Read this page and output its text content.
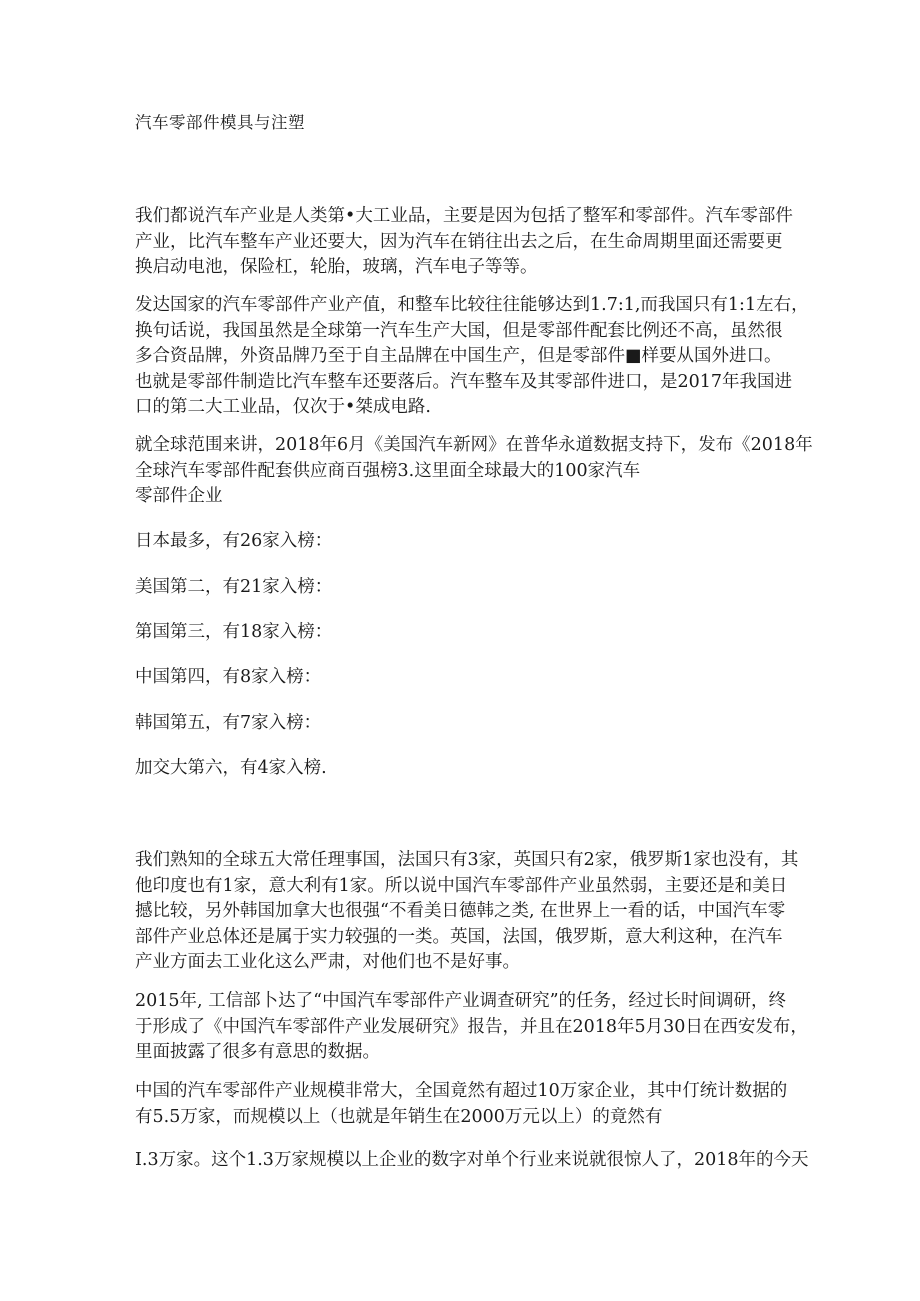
汽车零部件模具与注塑

我们都说汽车产业是人类第•大工业品，主要是因为包括了整军和零部件。汽车零部件
产业，比汽车整车产业还要大，因为汽车在销往出去之后，在生命周期里面还需要更
换启动电池，保险杠，轮胎，玻璃，汽车电子等等。

发达国家的汽车零部件产业产值，和整车比较往往能够达到1.7:1,而我国只有1:1左右，
换句话说，我国虽然是全球第一汽车生产大国，但是零部件配套比例还不高，虽然很
多合资品牌，外资品牌乃至于自主品牌在中国生产，但是零部件■样要从国外进口。
也就是零部件制造比汽车整车还要落后。汽车整车及其零部件进口，是2017年我国进
口的第二大工业品，仅次于•桀成电路.

就全球范围来讲，2018年6月《美国汽车新网》在普华永道数据支持下，发布《2018年
全球汽车零部件配套供应商百强榜3.这里面全球最大的100家汽车
零部件企业

日本最多，有26家入榜：

美国第二，有21家入榜：

第国第三，有18家入榜：

中国第四，有8家入榜：

韩国第五，有7家入榜：

加交大第六，有4家入榜.

我们熟知的全球五大常任理事国，法国只有3家，英国只有2家，俄罗斯1家也没有，其
他印度也有1家，意大利有1家。所以说中国汽车零部件产业虽然弱，主要还是和美日
撼比较，另外韩国加拿大也很强“不看美日德韩之类, 在世界上一看的话，中国汽车零
部件产业总体还是属于实力较强的一类。英国，法国，俄罗斯，意大利这种，在汽车
产业方面去工业化这么严肃，对他们也不是好事。

2015年, 工信部卜达了“中国汽车零部件产业调查研究”的任务，经过长时间调研，终
于形成了《中国汽车零部件产业发展研究》报告，并且在2018年5月30日在西安发布，
里面披露了很多有意思的数据。

中国的汽车零部件产业规模非常大，全国竟然有超过10万家企业，其中仃统计数据的
有5.5万家，而规模以上（也就是年销生在2000万元以上）的竟然有

I.3万家。这个1.3万家规模以上企业的数字对单个行业来说就很惊人了，2018年的今天
